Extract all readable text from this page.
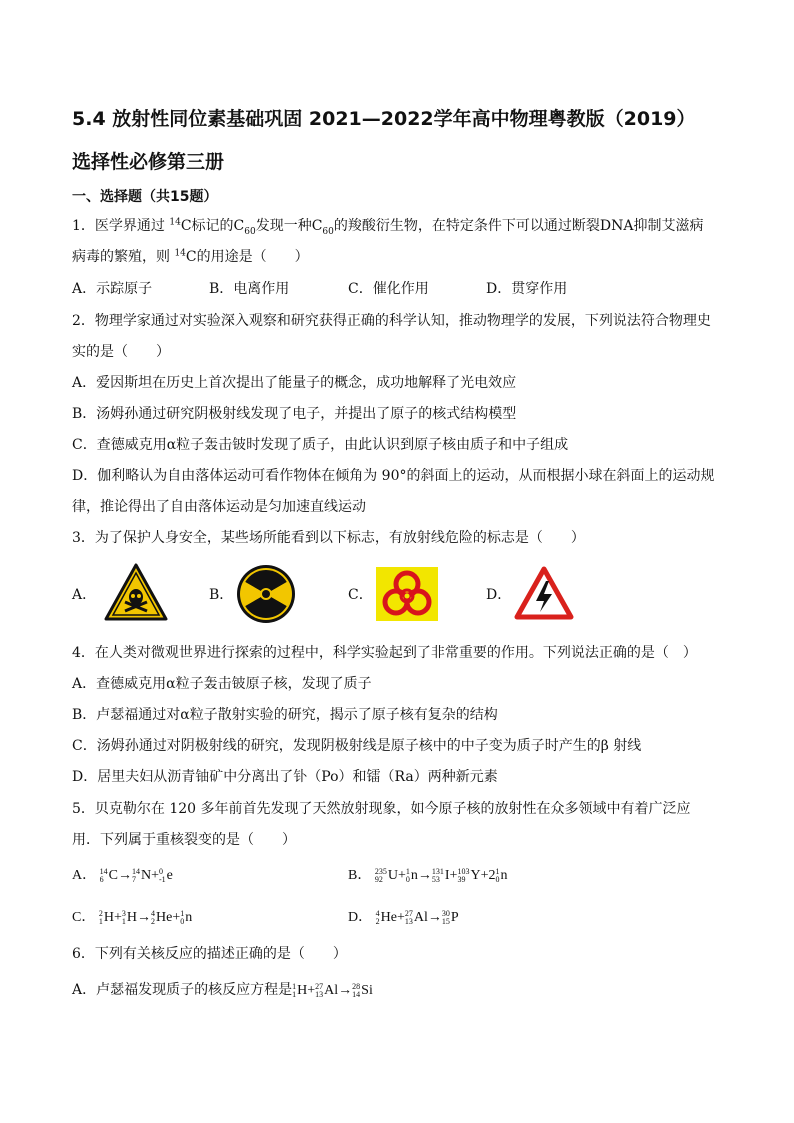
5.4 放射性同位素基础巩固 2021—2022学年高中物理粤教版（2019）
选择性必修第三册
一、选择题（共15题）
1．医学界通过 $^{14}$C标记的$C_{60}$发现一种$C_{60}$的羧酸衍生物，在特定条件下可以通过断裂DNA抑制艾滋病
病毒的繁殖，则 $^{14}$C的用途是（　　）
A．示踪原子	B．电离作用	C．催化作用	D．贯穿作用
2．物理学家通过对实验深入观察和研究获得正确的科学认知，推动物理学的发展，下列说法符合物理史
实的是（　　）
A．爱因斯坦在历史上首次提出了能量子的概念，成功地解释了光电效应
B．汤姆孙通过研究阴极射线发现了电子，并提出了原子的核式结构模型
C．查德威克用α粒子轰击铍时发现了质子，由此认识到原子核由质子和中子组成
D．伽利略认为自由落体运动可看作物体在倾角为 90°的斜面上的运动，从而根据小球在斜面上的运动规
律，推论得出了自由落体运动是匀加速直线运动
3．为了保护人身安全，某些场所能看到以下标志，有放射线危险的标志是（　　）
A．	B．	C．	D．
4．在人类对微观世界进行探索的过程中，科学实验起到了非常重要的作用。下列说法正确的是（　）
A．查德威克用α粒子轰击铍原子核，发现了质子
B．卢瑟福通过对α粒子散射实验的研究，揭示了原子核有复杂的结构
C．汤姆孙通过对阴极射线的研究，发现阴极射线是原子核中的中子变为质子时产生的β 射线
D．居里夫妇从沥青铀矿中分离出了钋（Po）和镭（Ra）两种新元素
5．贝克勒尔在 120 多年前首先发现了天然放射现象，如今原子核的放射性在众多领域中有着广泛应
用．下列属于重核裂变的是（　　）
A． 14
6 C→ 14
7 N+ 0
-1 e	B． 235
92 U+ 1
0 n→ 131
53 I+ 103
39 Y+2 1
0 n
C． 2
1 H+ 3
1 H→ 4
2 He+ 1
0 n	D． 4
2 He+ 27
13 Al→ 30
15 P
6．下列有关核反应的描述正确的是（　　）
A．卢瑟福发现质子的核反应方程是 1
1 H+ 27
13 Al→ 28
14 Si
